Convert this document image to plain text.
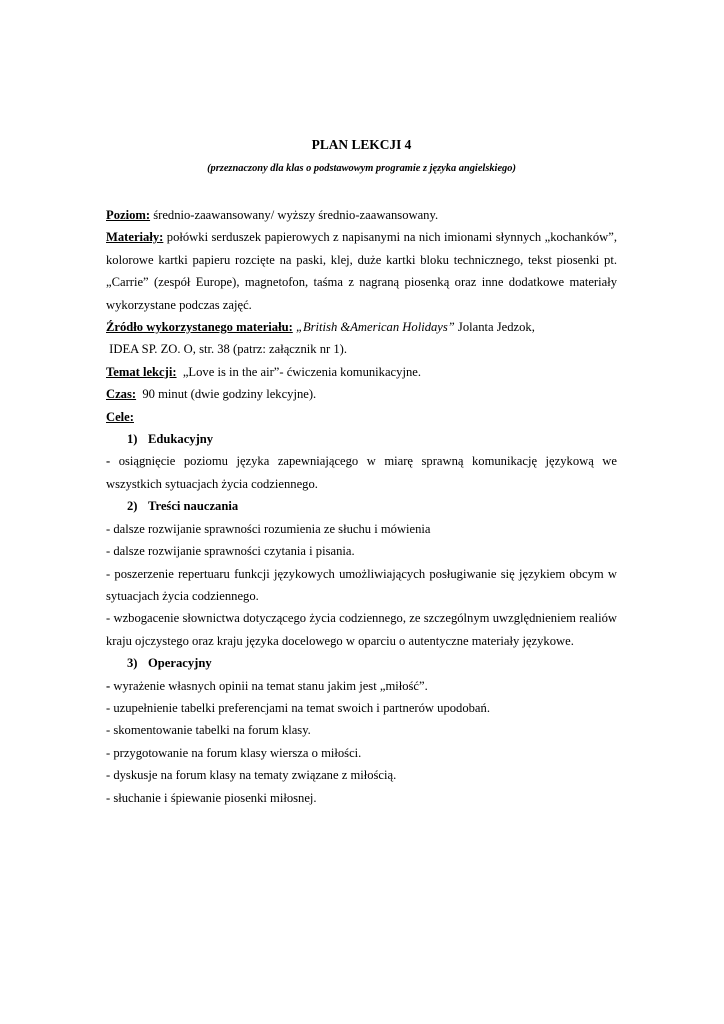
PLAN LEKCJI 4

(przeznaczony dla klas o podstawowym programie z języka angielskiego)

Poziom: średnio-zaawansowany/ wyższy średnio-zaawansowany.

Materiały: połówki serduszek papierowych z napisanymi na nich imionami słynnych „kochanków”, kolorowe kartki papieru rozcięte na paski, klej, duże kartki bloku technicznego, tekst piosenki pt. „Carrie” (zespół Europe), magnetofon, taśma z nagraną piosenką oraz inne dodatkowe materiały wykorzystane podczas zajęć.

Źródło wykorzystanego materiału: „British &American Holidays” Jolanta Jedzok,

IDEA SP. ZO. O, str. 38 (patrz: załącznik nr 1).

Temat lekcji: „Love is in the air”- ćwiczenia komunikacyjne.

Czas: 90 minut (dwie godziny lekcyjne).

Cele:

1) Edukacyjny

- osiągnięcie poziomu języka zapewniającego w miarę sprawną komunikację językową we wszystkich sytuacjach życia codziennego.

2) Treści nauczania

- dalsze rozwijanie sprawności rozumienia ze słuchu i mówienia

- dalsze rozwijanie sprawności czytania i pisania.

- poszerzenie repertuaru funkcji językowych umożliwiających posługiwanie się językiem obcym w sytuacjach życia codziennego.

- wzbogacenie słownictwa dotyczącego życia codziennego, ze szczególnym uwzględnieniem realiów kraju ojczystego oraz kraju języka docelowego w oparciu o autentyczne materiały językowe.

3) Operacyjny

- wyrażenie własnych opinii na temat stanu jakim jest „miłość”.

- uzupełnienie tabelki preferencjami na temat swoich i partnerów upodobań.

- skomentowanie tabelki na forum klasy.

- przygotowanie na forum klasy wiersza o miłości.

- dyskusje na forum klasy na tematy związane z miłością.

- słuchanie i śpiewanie piosenki miłosnej.
